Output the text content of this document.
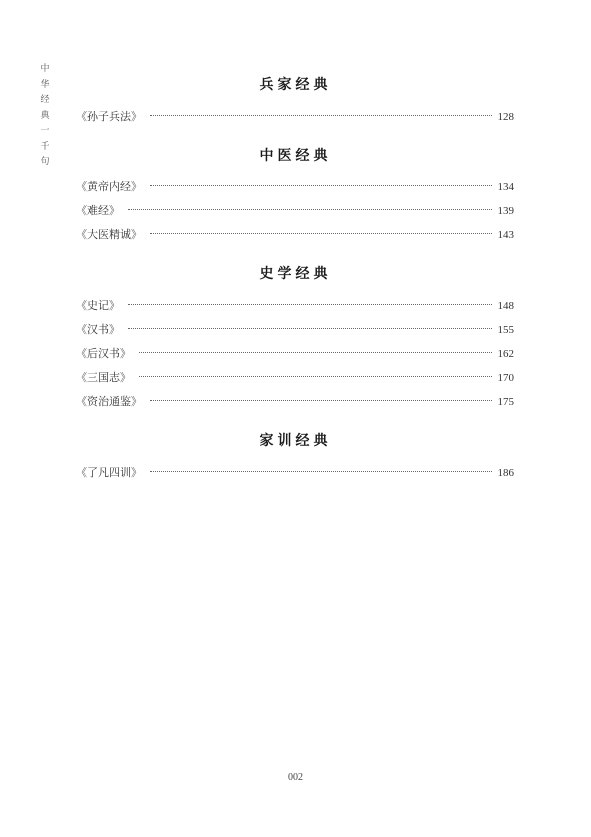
中
华
经
典
一
千
句
兵家经典
《孙子兵法》	128
中医经典
《黄帝内经》	134
《难经》	139
《大医精诚》	143
史学经典
《史记》	148
《汉书》	155
《后汉书》	162
《三国志》	170
《资治通鉴》	175
家训经典
《了凡四训》	186
002
